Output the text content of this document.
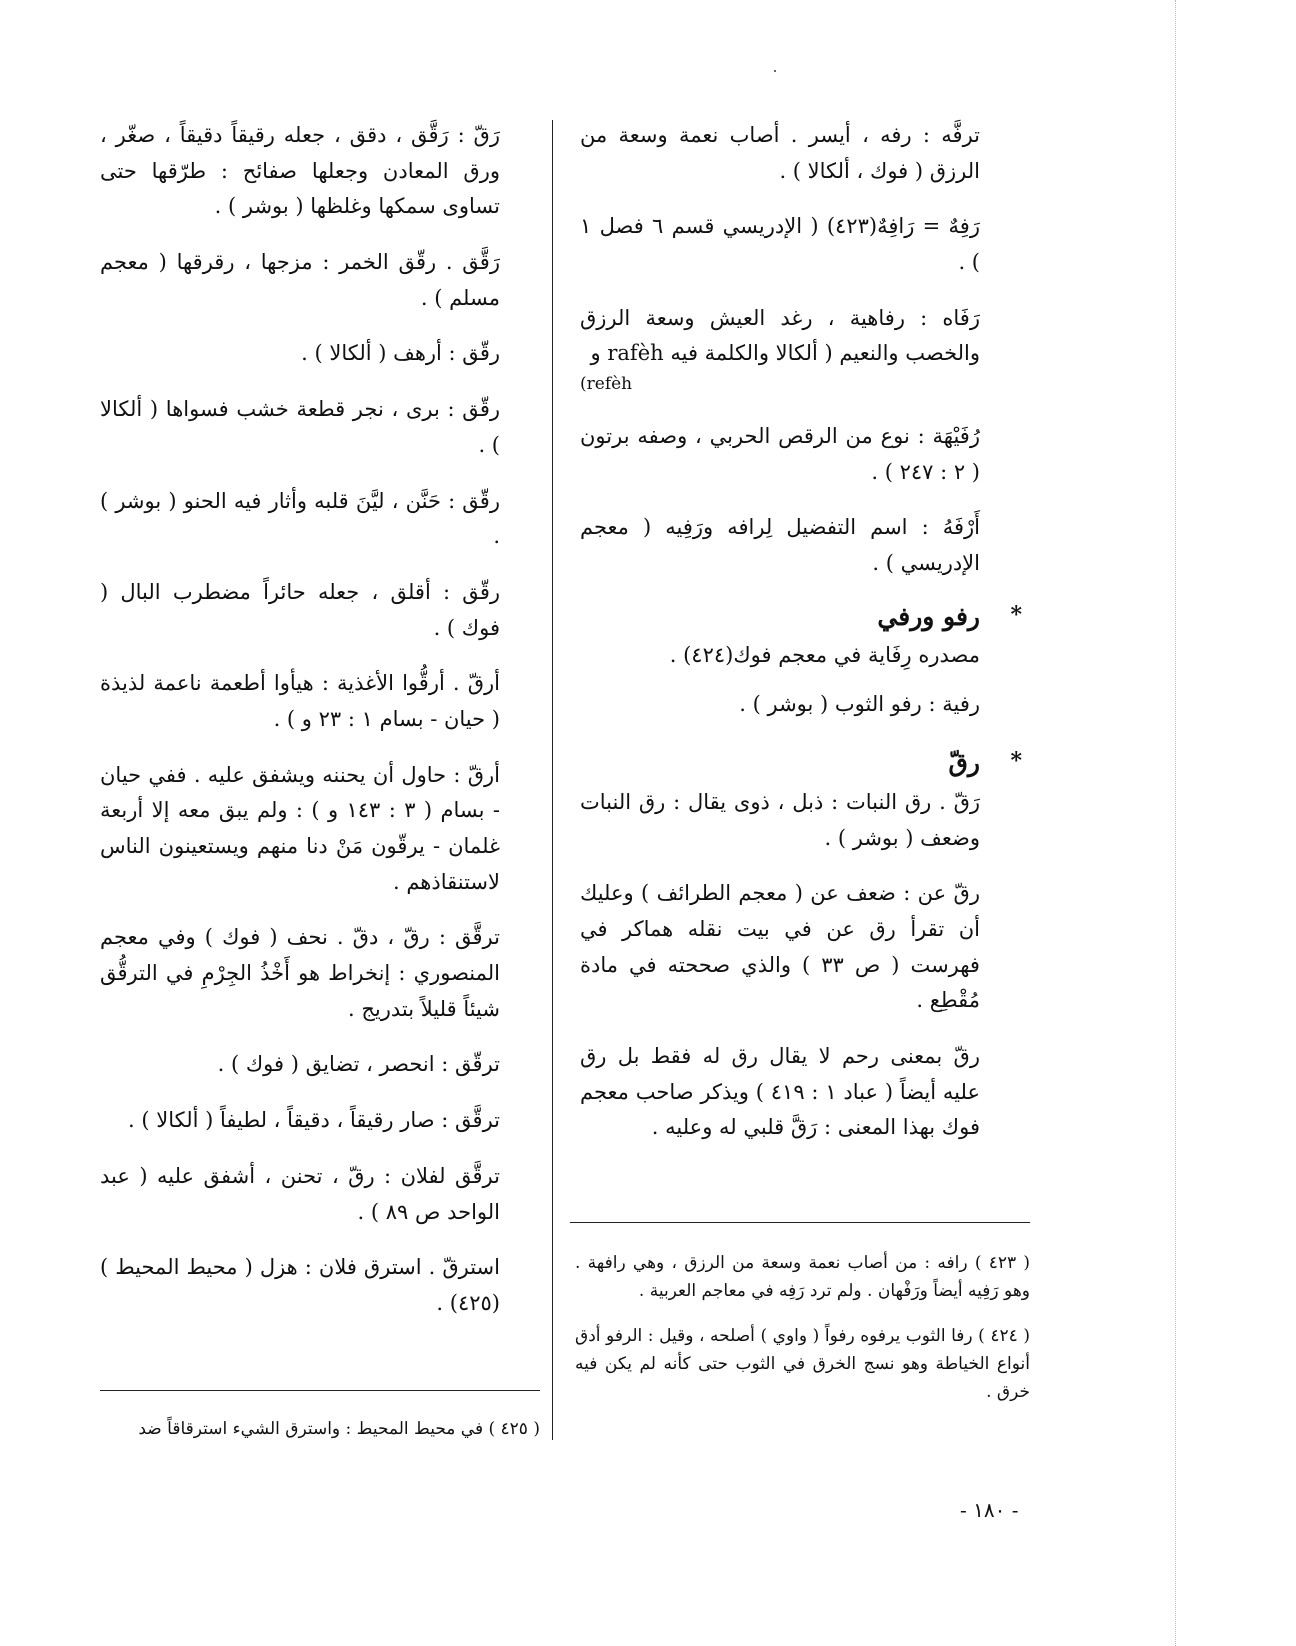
ترفَّه : رفه ، أيسر . أصاب نعمة وسعة من الرزق ( فوك ، ألكالا ) .

رَفِهٌ = رَافِهٌ(٤٢٣) ( الإدريسي قسم ٦ فصل ١ ) .

رَفَاه : رفاهية ، رغد العيش وسعة الرزق والخصب والنعيم ( ألكالا والكلمة فيه rafèh و

(refèh

رُفَيْهَة : نوع من الرقص الحربي ، وصفه برتون ( ٢ : ٢٤٧ ) .

أَرْفَهُ : اسم التفضيل لِرافه ورَفِيه ( معجم الإدريسي ) .

*
رفو ورفي

مصدره رِفَاية في معجم فوك(٤٢٤) .

رفية : رفو الثوب ( بوشر ) .

*
رقّ

رَقّ . رق النبات : ذبل ، ذوى يقال : رق النبات وضعف ( بوشر ) .

رقّ عن : ضعف عن ( معجم الطرائف ) وعليك أن تقرأ رق عن في بيت نقله هماكر في فهرست ( ص ٣٣ ) والذي صححته في مادة مُقْطِع .

رقّ بمعنى رحم لا يقال رق له فقط بل رق عليه أيضاً ( عباد ١ : ٤١٩ ) ويذكر صاحب معجم فوك بهذا المعنى : رَقَّ قلبي له وعليه .

رَقّ : رَقَّق ، دقق ، جعله رقيقاً دقيقاً ، صغّر ، ورق المعادن وجعلها صفائح : طرّقها حتى تساوى سمكها وغلظها ( بوشر ) .

رَقَّق . رقّق الخمر : مزجها ، رقرقها ( معجم مسلم ) .

رقّق : أرهف ( ألكالا ) .

رقّق : برى ، نجر قطعة خشب فسواها ( ألكالا ) .

رقّق : حَنَّن ، ليَّنَ قلبه وأثار فيه الحنو ( بوشر ) .

رقّق : أقلق ، جعله حائراً مضطرب البال ( فوك ) .

أرقّ . أرقُّوا الأغذية : هيأوا أطعمة ناعمة لذيذة ( حيان - بسام ١ : ٢٣ و ) .

أرقّ : حاول أن يحننه ويشفق عليه . ففي حيان - بسام ( ٣ : ١٤٣ و ) : ولم يبق معه إلا أربعة غلمان - يرقّون مَنْ دنا منهم ويستعينون الناس لاستنقاذهم .

ترقَّق : رقّ ، دقّ . نحف ( فوك ) وفي معجم المنصوري : إنخراط هو أَخْذُ الجِرْمِ في الترقُّق شيئاً قليلاً بتدريج .

ترقّق : انحصر ، تضايق ( فوك ) .

ترقَّق : صار رقيقاً ، دقيقاً ، لطيفاً ( ألكالا ) .

ترقَّق لفلان : رقّ ، تحنن ، أشفق عليه ( عبد الواحد ص ٨٩ ) .

استرقّ . استرق فلان : هزل ( محيط المحيط )(٤٢٥) .

( ٤٢٣ ) رافه : من أصاب نعمة وسعة من الرزق ، وهي رافهة . وهو رَفِيه أيضاً ورَفْهان . ولم ترد رَفِه في معاجم العربية .

( ٤٢٤ ) رفا الثوب يرفوه رفواً ( واوي ) أصلحه ، وقيل : الرفو أدق أنواع الخياطة وهو نسج الخرق في الثوب حتى كأنه لم يكن فيه خرق .

( ٤٢٥ ) في محيط المحيط : واسترق الشيء استرقاقاً ضد

- ١٨٠ -
